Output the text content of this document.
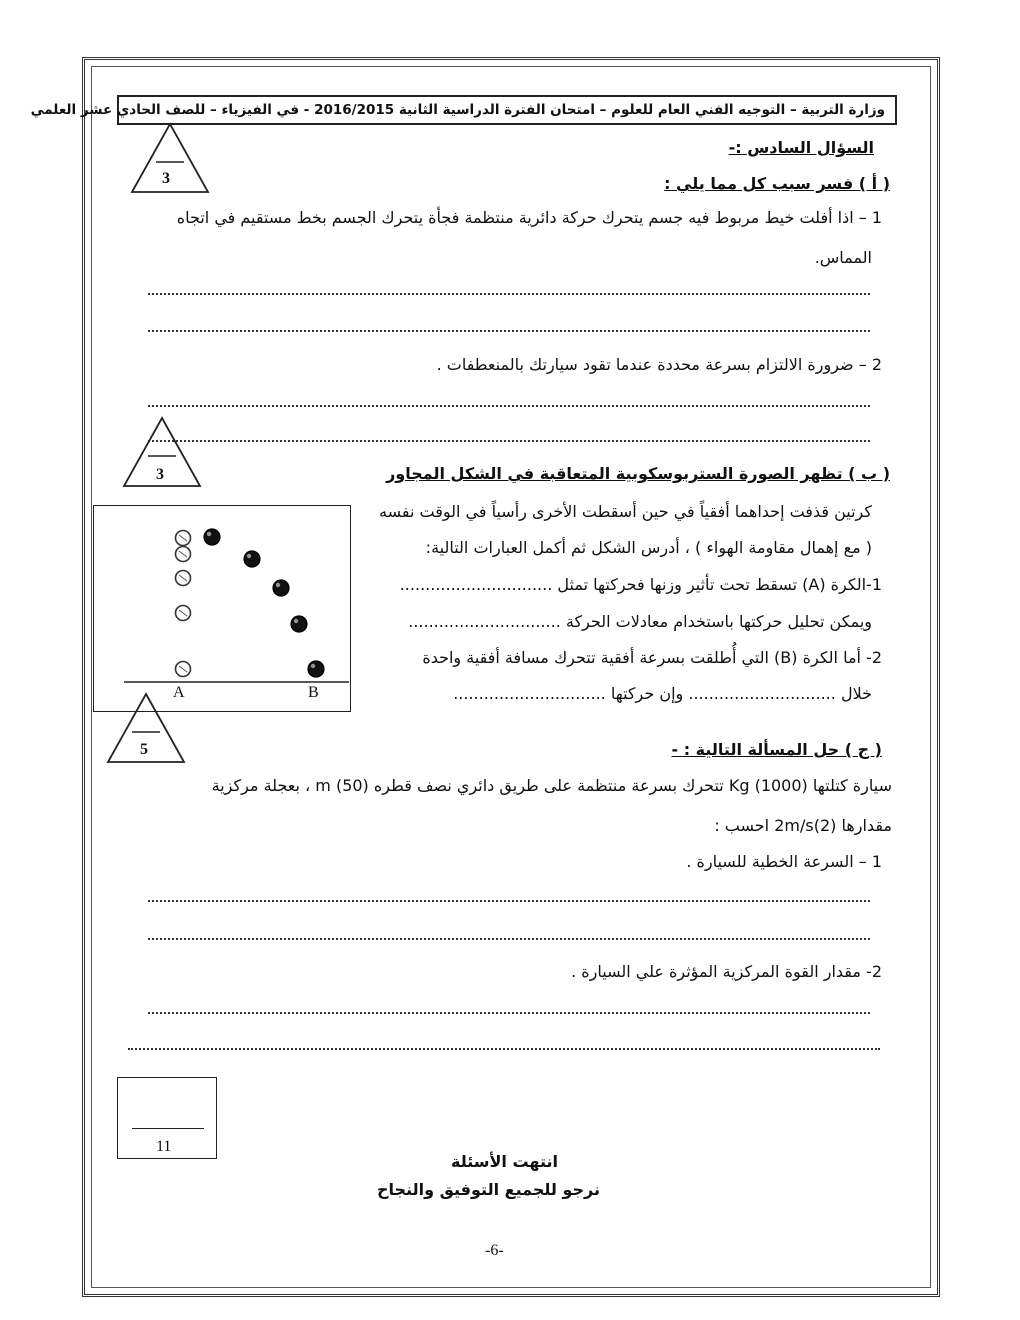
وزارة التربية – التوجيه الفني العام للعلوم – امتحان الفترة الدراسية الثانية 2016/2015 - في الفيزياء – للصف الحادي عشر العلمي
السؤال السادس :-
3	( أ ) فسر سبب كل مما يلي :
1 – اذا أفلت خيط مربوط فيه جسم يتحرك حركة دائرية منتظمة فجأة يتحرك الجسم بخط مستقيم في اتجاه
المماس.
2 – ضرورة الالتزام بسرعة محددة عندما تقود سيارتك بالمنعطفات .
3	( ب ) تظهر الصورة الستربوسكوبية المتعاقبة في الشكل المجاور
كرتين قذفت إحداهما أفقياً في حين أسقطت الأخرى رأسياً في الوقت نفسه
( مع إهمال مقاومة الهواء ) ، أدرس الشكل ثم أكمل العبارات التالية:
1-الكرة (A) تسقط تحت تأثير وزنها فحركتها تمثل ..............................
ويمكن تحليل حركتها باستخدام معادلات الحركة ..............................
2- أما الكرة (B) التي أُطلقت بسرعة أفقية تتحرك مسافة أفقية واحدة
خلال ............................. وإن حركتها ..............................
A	B
5	( ج ) حل المسألة التالية : -
سيارة كتلتها Kg (1000) تتحرك بسرعة منتظمة على طريق دائري نصف قطره m (50) ، بعجلة مركزية
مقدارها 2m/s(2) احسب :
1 – السرعة الخطية للسيارة .
2- مقدار القوة المركزية المؤثرة علي السيارة .
11
انتهت الأسئلة
نرجو للجميع التوفيق والنجاح
-6-
